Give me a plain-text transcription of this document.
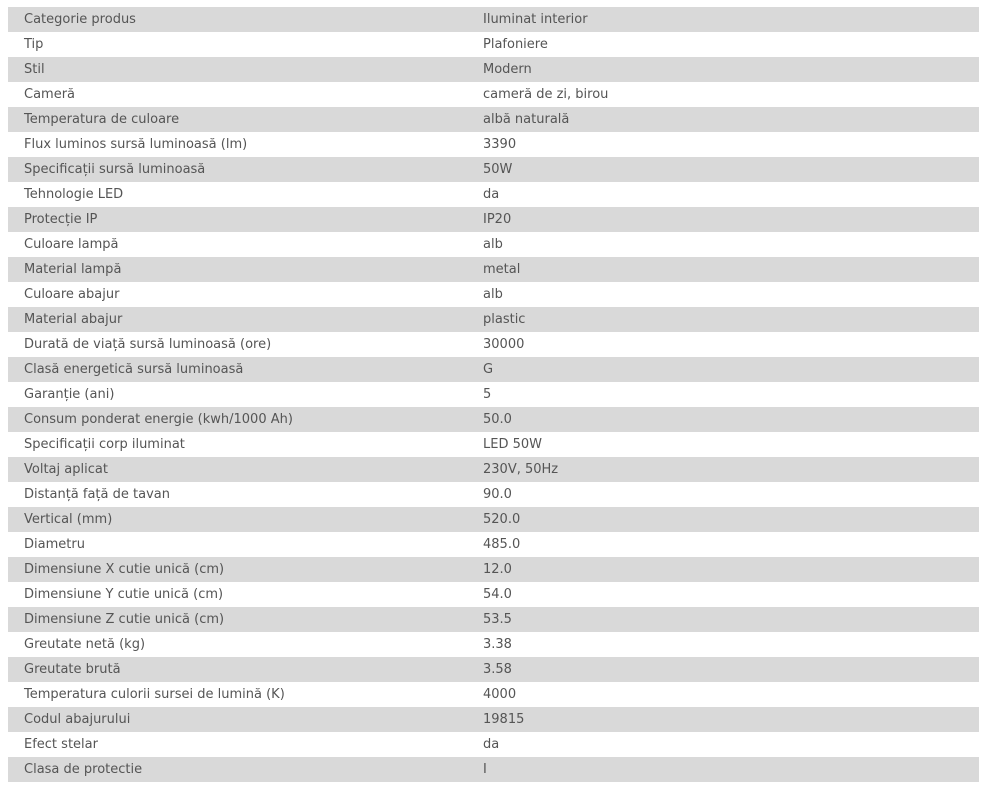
Categorie produs	Iluminat interior
Tip	Plafoniere
Stil	Modern
Cameră	cameră de zi, birou
Temperatura de culoare	albă naturală
Flux luminos sursă luminoasă (lm)	3390
Specificații sursă luminoasă	50W
Tehnologie LED	da
Protecție IP	IP20
Culoare lampă	alb
Material lampă	metal
Culoare abajur	alb
Material abajur	plastic
Durată de viață sursă luminoasă (ore)	30000
Clasă energetică sursă luminoasă	G
Garanție (ani)	5
Consum ponderat energie (kwh/1000 Ah)	50.0
Specificații corp iluminat	LED 50W
Voltaj aplicat	230V, 50Hz
Distanță față de tavan	90.0
Vertical (mm)	520.0
Diametru	485.0
Dimensiune X cutie unică (cm)	12.0
Dimensiune Y cutie unică (cm)	54.0
Dimensiune Z cutie unică (cm)	53.5
Greutate netă (kg)	3.38
Greutate brută	3.58
Temperatura culorii sursei de lumină (K)	4000
Codul abajurului	19815
Efect stelar	da
Clasa de protectie	I
